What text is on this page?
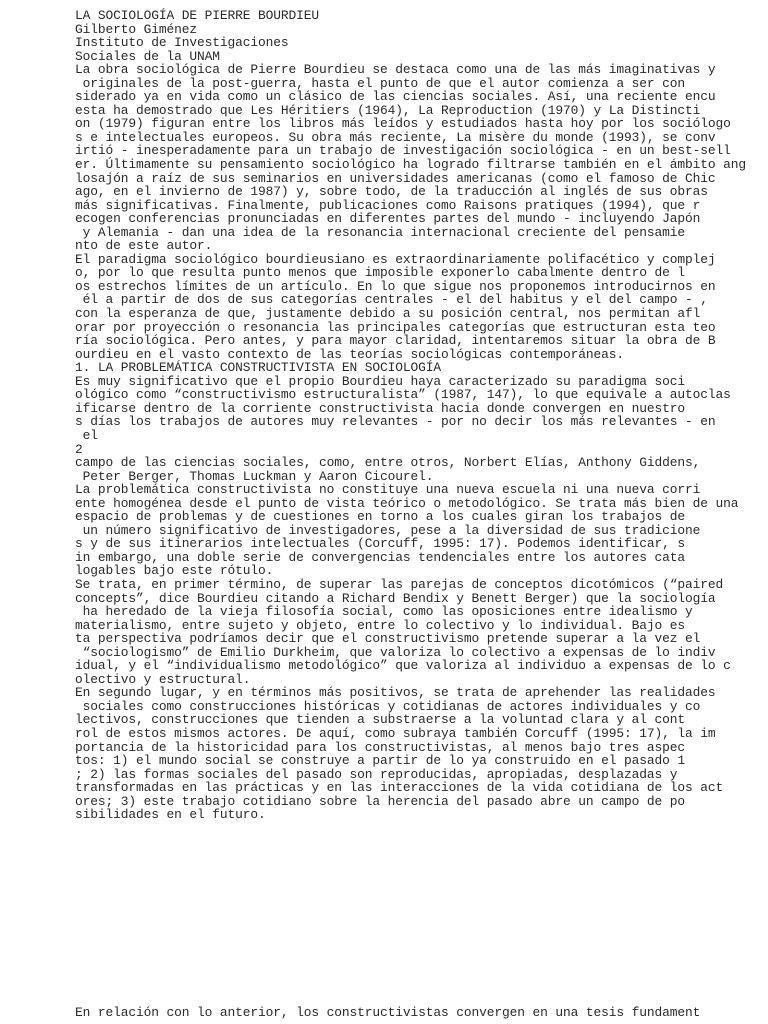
LA SOCIOLOGÍA DE PIERRE BOURDIEU
Gilberto Giménez
Instituto de Investigaciones
Sociales de la UNAM
La obra sociológica de Pierre Bourdieu se destaca como una de las más imaginativas y
originales de la post-guerra, hasta el punto de que el autor comienza a ser con
siderado ya en vida como un clásico de las ciencias sociales. Así, una reciente encu
esta ha demostrado que Les Héritiers (1964), La Reproduction (1970) y La Distincti
on (1979) figuran entre los libros más leídos y estudiados hasta hoy por los sociólogo
s e intelectuales europeos. Su obra más reciente, La misère du monde (1993), se conv
irtió - inesperadamente para un trabajo de investigación sociológica - en un best-sell
er. Últimamente su pensamiento sociológico ha logrado filtrarse también en el ámbito ang
losajón a raíz de sus seminarios en universidades americanas (como el famoso de Chic
ago, en el invierno de 1987) y, sobre todo, de la traducción al inglés de sus obras
más significativas. Finalmente, publicaciones como Raisons pratiques (1994), que r
ecogen conferencias pronunciadas en diferentes partes del mundo - incluyendo Japón
y Alemania - dan una idea de la resonancia internacional creciente del pensamie
nto de este autor.
El paradigma sociológico bourdieusiano es extraordinariamente polifacético y complej
o, por lo que resulta punto menos que imposible exponerlo cabalmente dentro de l
os estrechos límites de un artículo. En lo que sigue nos proponemos introducirnos en
él a partir de dos de sus categorías centrales - el del habitus y el del campo - ,
con la esperanza de que, justamente debido a su posición central, nos permitan afl
orar por proyección o resonancia las principales categorías que estructuran esta teo
ría sociológica. Pero antes, y para mayor claridad, intentaremos situar la obra de B
ourdieu en el vasto contexto de las teorías sociológicas contemporáneas.
1. LA PROBLEMÁTICA CONSTRUCTIVISTA EN SOCIOLOGÍA
Es muy significativo que el propio Bourdieu haya caracterizado su paradigma soci
ológico como “constructivismo estructuralista” (1987, 147), lo que equivale a autoclas
ificarse dentro de la corriente constructivista hacia donde convergen en nuestro
s días los trabajos de autores muy relevantes - por no decir los más relevantes - en
el
2
campo de las ciencias sociales, como, entre otros, Norbert Elías, Anthony Giddens,
Peter Berger, Thomas Luckman y Aaron Cicourel.
La problemática constructivista no constituye una nueva escuela ni una nueva corri
ente homogénea desde el punto de vista teórico o metodológico. Se trata más bien de una
espacio de problemas y de cuestiones en torno a los cuales giran los trabajos de
un número significativo de investigadores, pese a la diversidad de sus tradicione
s y de sus itinerarios intelectuales (Corcuff, 1995: 17). Podemos identificar, s
in embargo, una doble serie de convergencias tendenciales entre los autores cata
logables bajo este rótulo.
Se trata, en primer término, de superar las parejas de conceptos dicotómicos (“paired
concepts”, dice Bourdieu citando a Richard Bendix y Benett Berger) que la sociología
ha heredado de la vieja filosofía social, como las oposiciones entre idealismo y
materialismo, entre sujeto y objeto, entre lo colectivo y lo individual. Bajo es
ta perspectiva podríamos decir que el constructivismo pretende superar a la vez el
“sociologismo” de Emilio Durkheim, que valoriza lo colectivo a expensas de lo indiv
idual, y el “individualismo metodológico” que valoriza al individuo a expensas de lo c
olectivo y estructural.
En segundo lugar, y en términos más positivos, se trata de aprehender las realidades
sociales como construcciones históricas y cotidianas de actores individuales y co
lectivos, construcciones que tienden a substraerse a la voluntad clara y al cont
rol de estos mismos actores. De aquí, como subraya también Corcuff (1995: 17), la im
portancia de la historicidad para los constructivistas, al menos bajo tres aspec
tos: 1) el mundo social se construye a partir de lo ya construido en el pasado 1
; 2) las formas sociales del pasado son reproducidas, apropiadas, desplazadas y
transformadas en las prácticas y en las interacciones de la vida cotidiana de los act
ores; 3) este trabajo cotidiano sobre la herencia del pasado abre un campo de po
sibilidades en el futuro.
En relación con lo anterior, los constructivistas convergen en una tesis fundament
